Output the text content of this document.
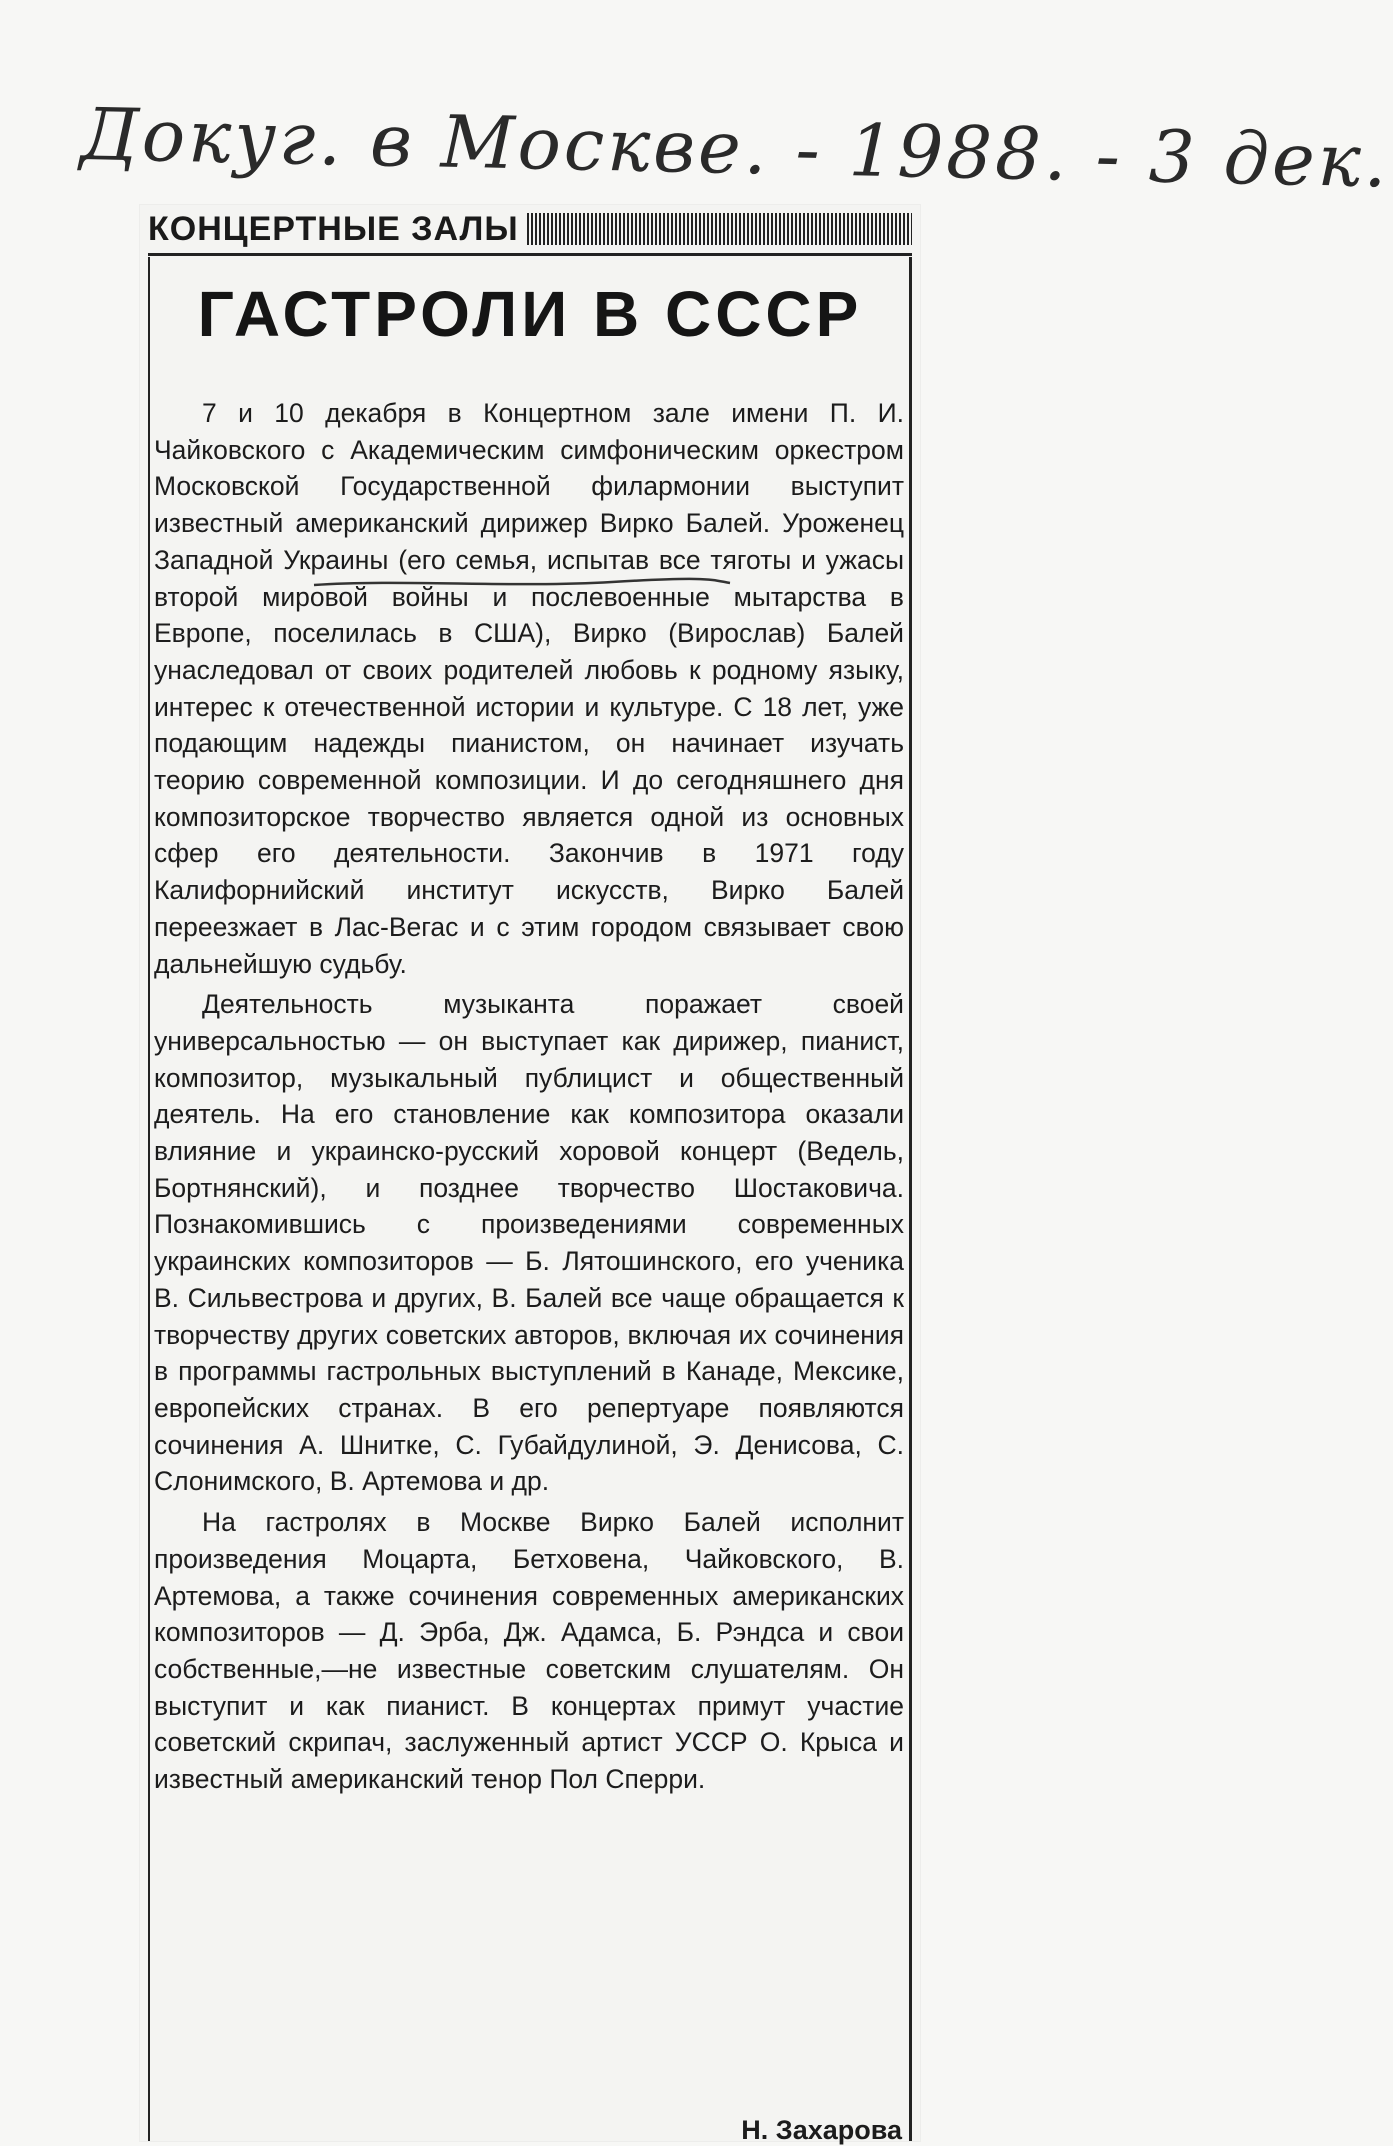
Докуг. в Москве. - 1988. - 3 дек.
КОНЦЕРТНЫЕ ЗАЛЫ
ГАСТРОЛИ В СССР

7 и 10 декабря в Концертном зале имени П. И. Чайковского с Академическим симфоническим оркестром Московской Государственной филармонии выступит известный американский дирижер Вирко Балей. Уроженец Западной Украины (его семья, испытав все тяготы и ужасы второй мировой войны и послевоенные мытарства в Европе, поселилась в США), Вирко (Вирослав) Балей унаследовал от своих родителей любовь к родному языку, интерес к отечественной истории и культуре. С 18 лет, уже подающим надежды пианистом, он начинает изучать теорию современной композиции. И до сегодняшнего дня композиторское творчество является одной из основных сфер его деятельности. Закончив в 1971 году Калифорнийский институт искусств, Вирко Балей переезжает в Лас-Вегас и с этим городом связывает свою дальнейшую судьбу.

Деятельность музыканта поражает своей универсальностью — он выступает как дирижер, пианист, композитор, музыкальный публицист и общественный деятель. На его становление как композитора оказали влияние и украинско-русский хоровой концерт (Ведель, Бортнянский), и позднее творчество Шостаковича. Познакомившись с произведениями современных украинских композиторов — Б. Лятошинского, его ученика В. Сильвестрова и других, В. Балей все чаще обращается к творчеству других советских авторов, включая их сочинения в программы гастрольных выступлений в Канаде, Мексике, европейских странах. В его репертуаре появляются сочинения А. Шнитке, С. Губайдулиной, Э. Денисова, С. Слонимского, В. Артемова и др.

На гастролях в Москве Вирко Балей исполнит произведения Моцарта, Бетховена, Чайковского, В. Артемова, а также сочинения современных американских композиторов — Д. Эрба, Дж. Адамса, Б. Рэндса и свои собственные,—не известные советским слушателям. Он выступит и как пианист. В концертах примут участие советский скрипач, заслуженный артист УССР О. Крыса и известный американский тенор Пол Сперри.

Н. Захарова
